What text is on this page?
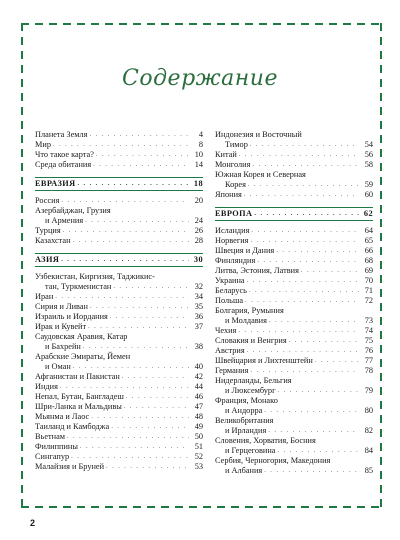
Содержание
Планета Земля . . .	4
Мир . . .	8
Что такое карта? . . .	10
Среда обитания . . .	14
ЕВРАЗИЯ . . .	18
Россия . . .	20
Азербайджан, Грузия
и Армения . . .	24
Турция . . .	26
Казахстан . . .	28
АЗИЯ . . .	30
Узбекистан, Киргизия, Таджикис-
тан, Туркменистан . . .	32
Иран . . .	34
Сирия и Ливан . . .	35
Израиль и Иордания . . .	36
Ирак и Кувейт . . .	37
Саудовская Аравия, Катар
и Бахрейн . . .	38
Арабские Эмираты, Йемен
и Оман . . .	40
Афганистан и Пакистан . . .	42
Индия . . .	44
Непал, Бутан, Бангладеш . . .	46
Шри-Ланка и Мальдивы . . .	47
Мьянма и Лаос . . .	48
Таиланд и Камбоджа . . .	49
Вьетнам . . .	50
Филиппины . . .	51
Сингапур . . .	52
Малайзия и Бруней . . .	53
Индонезия и Восточный
Тимор . . .	54
Китай . . .	56
Монголия . . .	58
Южная Корея и Северная
Корея . . .	59
Япония . . .	60
ЕВРОПА . . .	62
Исландия . . .	64
Норвегия . . .	65
Швеция и Дания . . .	66
Финляндия . . .	68
Литва, Эстония, Латвия . . .	69
Украина . . .	70
Беларусь . . .	71
Польша . . .	72
Болгария, Румыния
и Молдавия . . .	73
Чехия . . .	74
Словакия и Венгрия . . .	75
Австрия . . .	76
Швейцария и Лихтенштейн . . .	77
Германия . . .	78
Нидерланды, Бельгия
и Люксембург . . .	79
Франция, Монако
и Андорра . . .	80
Великобритания
и Ирландия . . .	82
Словения, Хорватия, Босния
и Герцеговина . . .	84
Сербия, Черногория, Македония
и Албания . . .	85
2
